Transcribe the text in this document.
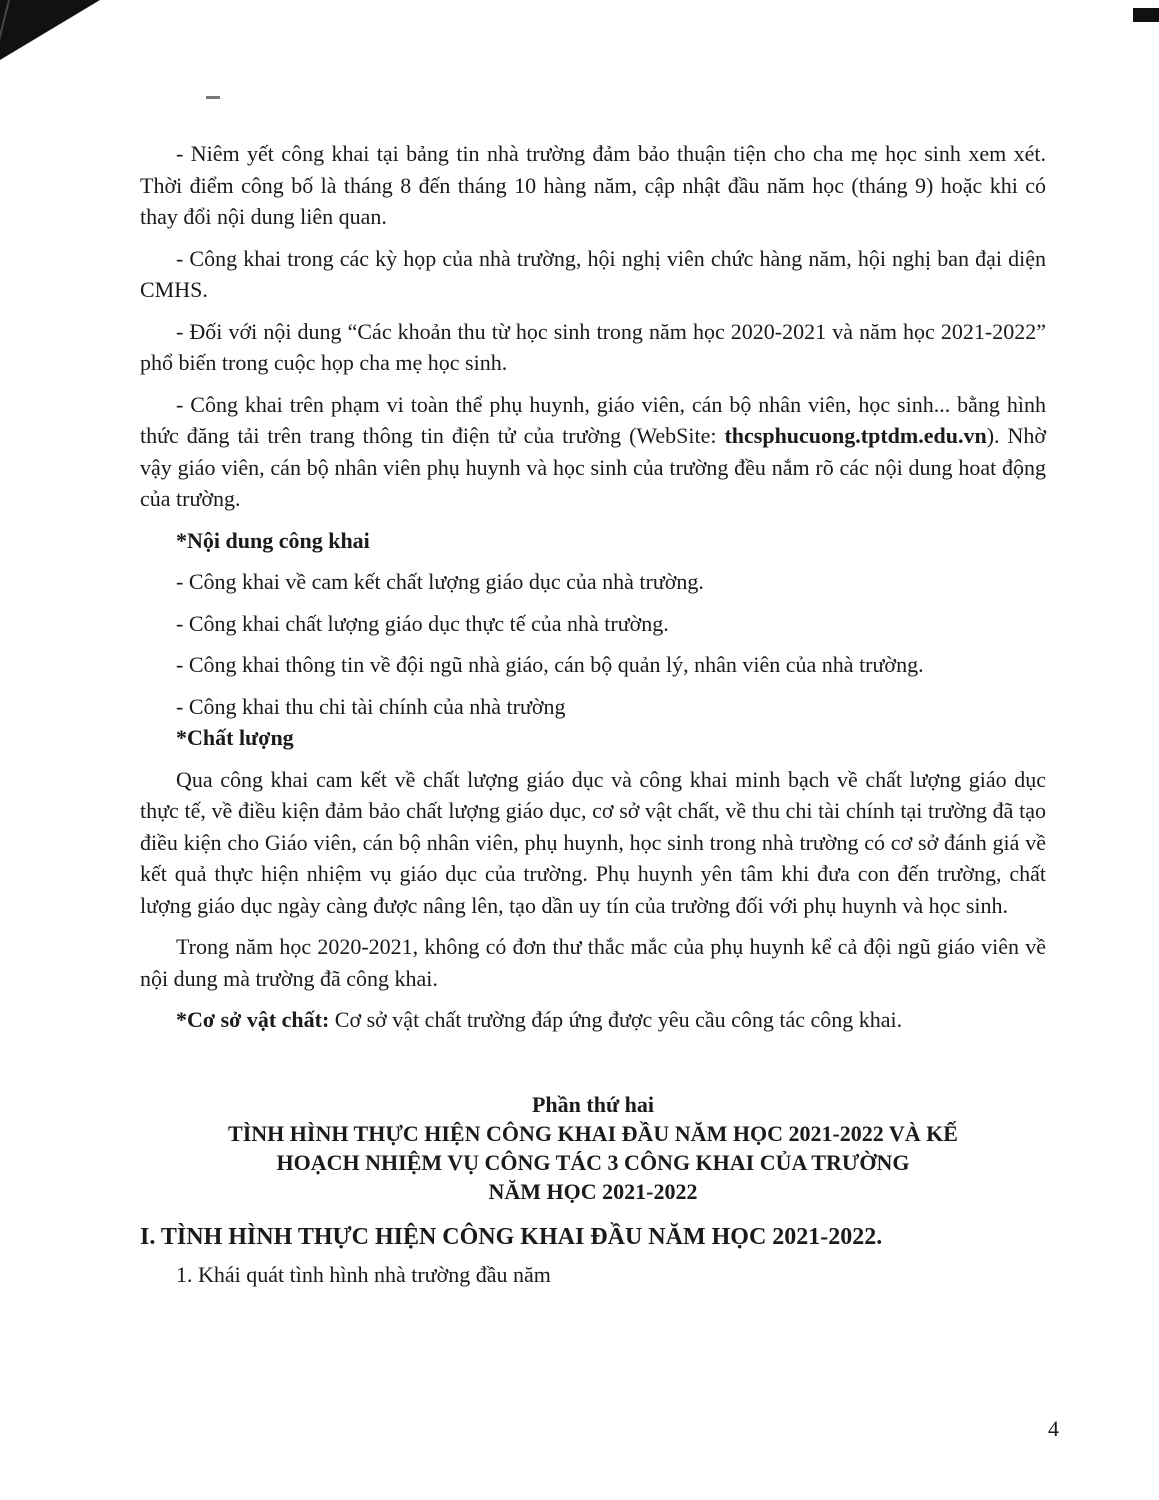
- Niêm yết công khai tại bảng tin nhà trường đảm bảo thuận tiện cho cha mẹ học sinh xem xét. Thời điểm công bố là tháng 8 đến tháng 10 hàng năm, cập nhật đầu năm học (tháng 9) hoặc khi có thay đổi nội dung liên quan.

- Công khai trong các kỳ họp của nhà trường, hội nghị viên chức hàng năm, hội nghị ban đại diện CMHS.

- Đối với nội dung “Các khoản thu từ học sinh trong năm học 2020-2021 và năm học 2021-2022” phổ biến trong cuộc họp cha mẹ học sinh.

- Công khai trên phạm vi toàn thể phụ huynh, giáo viên, cán bộ nhân viên, học sinh... bằng hình thức đăng tải trên trang thông tin điện tử của trường (WebSite: thcsphucuong.tptdm.edu.vn). Nhờ vậy giáo viên, cán bộ nhân viên phụ huynh và học sinh của trường đều nắm rõ các nội dung hoat động của trường.

*Nội dung công khai

- Công khai về cam kết chất lượng giáo dục của nhà trường.

- Công khai chất lượng giáo dục thực tế của nhà trường.

- Công khai thông tin về đội ngũ nhà giáo, cán bộ quản lý, nhân viên của nhà trường.

- Công khai thu chi tài chính của nhà trường

*Chất lượng

Qua công khai cam kết về chất lượng giáo dục và công khai minh bạch về chất lượng giáo dục thực tế, về điều kiện đảm bảo chất lượng giáo dục, cơ sở vật chất, về thu chi tài chính tại trường đã tạo điều kiện cho Giáo viên, cán bộ nhân viên, phụ huynh, học sinh trong nhà trường có cơ sở đánh giá về kết quả thực hiện nhiệm vụ giáo dục của trường. Phụ huynh yên tâm khi đưa con đến trường, chất lượng giáo dục ngày càng được nâng lên, tạo dần uy tín của trường đối với phụ huynh và học sinh.

Trong năm học 2020-2021, không có đơn thư thắc mắc của phụ huynh kể cả đội ngũ giáo viên về nội dung mà trường đã công khai.

*Cơ sở vật chất: Cơ sở vật chất trường đáp ứng được yêu cầu công tác công khai.

Phần thứ hai

TÌNH HÌNH THỰC HIỆN CÔNG KHAI ĐẦU NĂM HỌC 2021-2022 VÀ KẾ

HOẠCH NHIỆM VỤ CÔNG TÁC 3 CÔNG KHAI CỦA TRƯỜNG

NĂM HỌC 2021-2022

I. TÌNH HÌNH THỰC HIỆN CÔNG KHAI ĐẦU NĂM HỌC 2021-2022.

1. Khái quát tình hình nhà trường đầu năm

4
